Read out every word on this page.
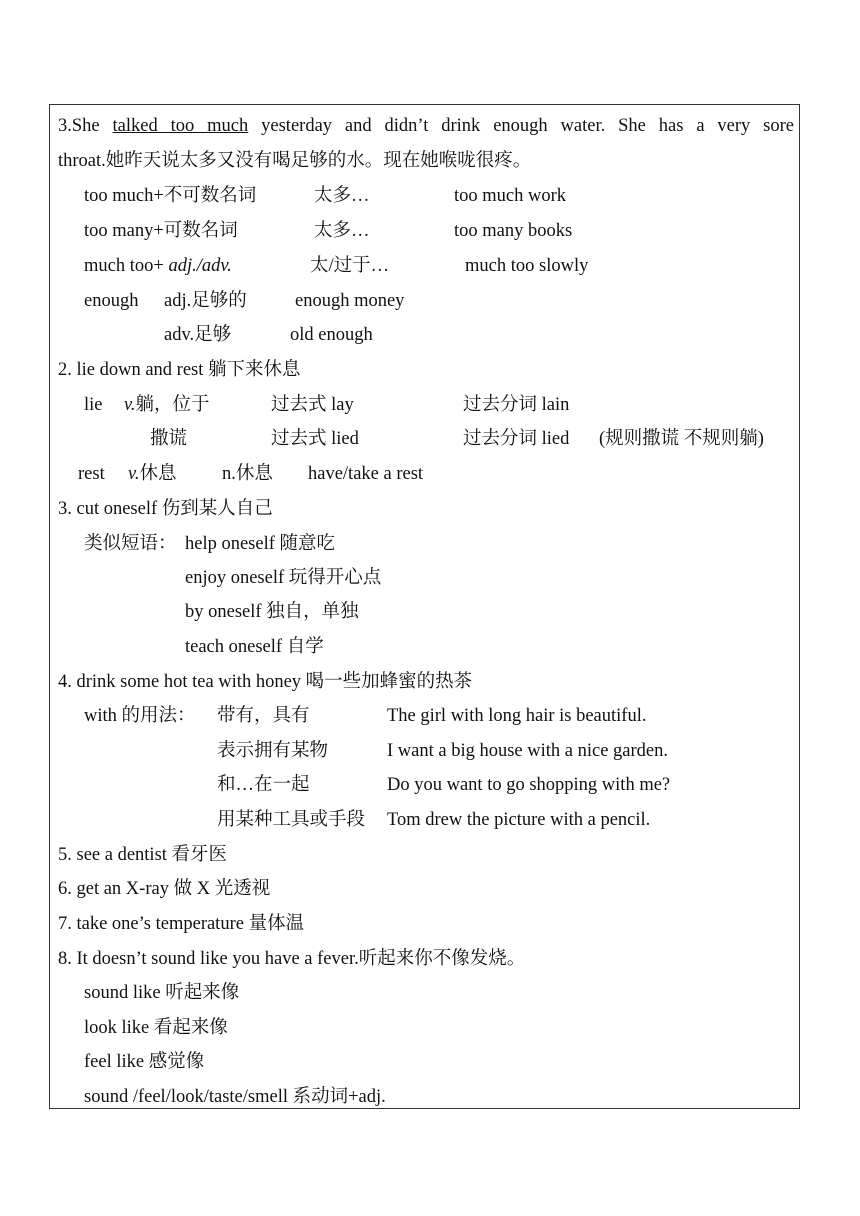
3.She talked too much yesterday and didn’t drink enough water. She has a very sore
throat.她昨天说太多又没有喝足够的水。现在她喉咙很疼。
too much+不可数名词	太多…	too much work
too many+可数名词	太多…	too many books
much too+ adj./adv.	太/过于…	much too slowly
enough adj.足够的	enough money
adv.足够	old enough
2. lie down and rest 躺下来休息
lie v.躺，位于	过去式 lay	过去分词 lain
撒谎	过去式 lied	过去分词 lied (规则撒谎 不规则躺)
rest v.休息 n.休息 have/take a rest
3. cut oneself 伤到某人自己
类似短语： help oneself 随意吃
enjoy oneself 玩得开心点
by oneself 独自，单独
teach oneself 自学
4. drink some hot tea with honey 喝一些加蜂蜜的热茶
with 的用法： 带有，具有	The girl with long hair is beautiful.
表示拥有某物	I want a big house with a nice garden.
和…在一起	Do you want to go shopping with me?
用某种工具或手段 Tom drew the picture with a pencil.
5. see a dentist 看牙医
6. get an X-ray 做 X 光透视
7. take one’s temperature 量体温
8. It doesn’t sound like you have a fever.听起来你不像发烧。
sound like 听起来像
look like 看起来像
feel like 感觉像
sound /feel/look/taste/smell 系动词+adj.
